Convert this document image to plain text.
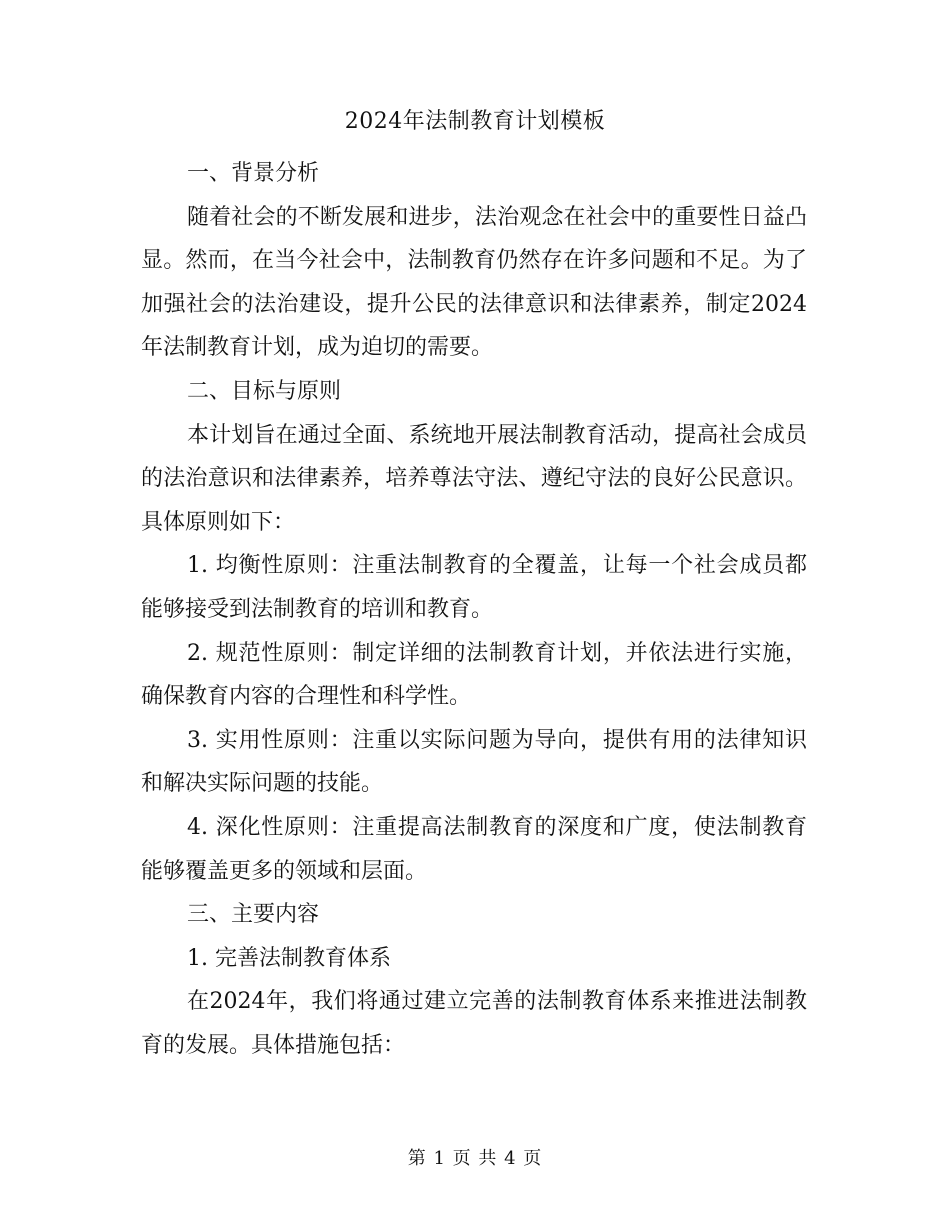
2024年法制教育计划模板

一、背景分析

随着社会的不断发展和进步，法治观念在社会中的重要性日益凸显。然而，在当今社会中，法制教育仍然存在许多问题和不足。为了加强社会的法治建设，提升公民的法律意识和法律素养，制定2024年法制教育计划，成为迫切的需要。

二、目标与原则

本计划旨在通过全面、系统地开展法制教育活动，提高社会成员的法治意识和法律素养，培养尊法守法、遵纪守法的良好公民意识。具体原则如下：

1. 均衡性原则：注重法制教育的全覆盖，让每一个社会成员都能够接受到法制教育的培训和教育。

2. 规范性原则：制定详细的法制教育计划，并依法进行实施，确保教育内容的合理性和科学性。

3. 实用性原则：注重以实际问题为导向，提供有用的法律知识和解决实际问题的技能。

4. 深化性原则：注重提高法制教育的深度和广度，使法制教育能够覆盖更多的领域和层面。

三、主要内容

1. 完善法制教育体系

在2024年，我们将通过建立完善的法制教育体系来推进法制教育的发展。具体措施包括：

第 1 页 共 4 页
